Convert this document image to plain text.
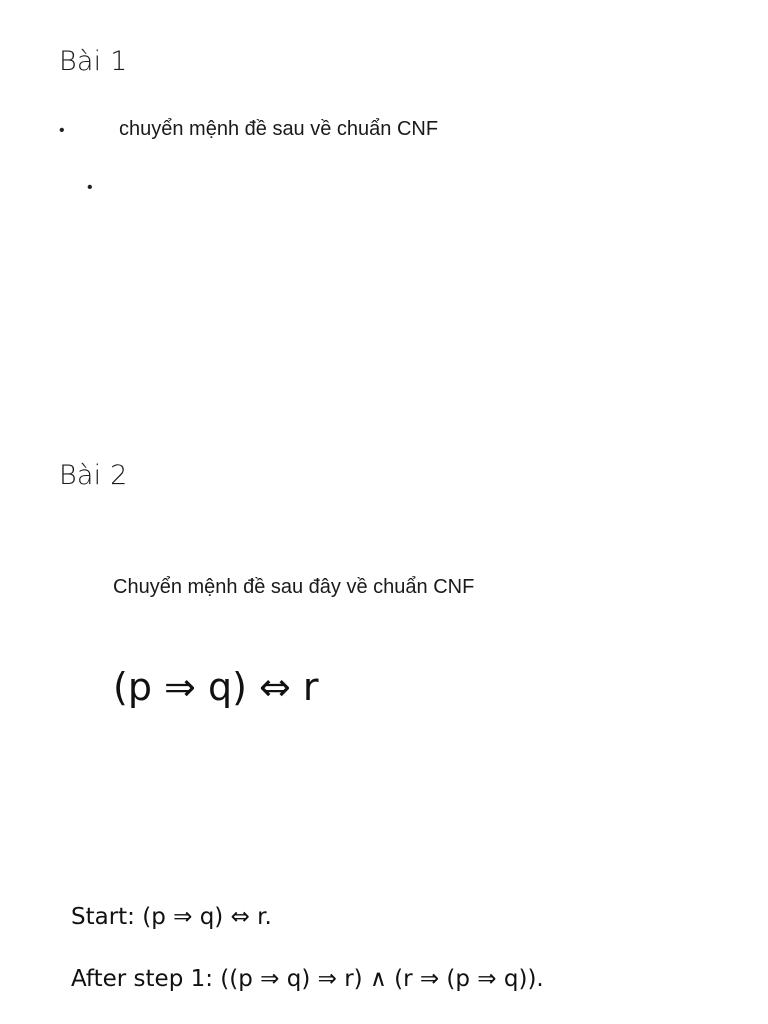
Bài 1
•	chuyển mệnh đề sau về chuẩn CNF
•
Bài 2
Chuyển mệnh đề sau đây về chuẩn CNF
(p ⇒ q) ⇔ r
Start: (p ⇒ q) ⇔ r.
After step 1: ((p ⇒ q) ⇒ r) ∧ (r ⇒ (p ⇒ q)).
